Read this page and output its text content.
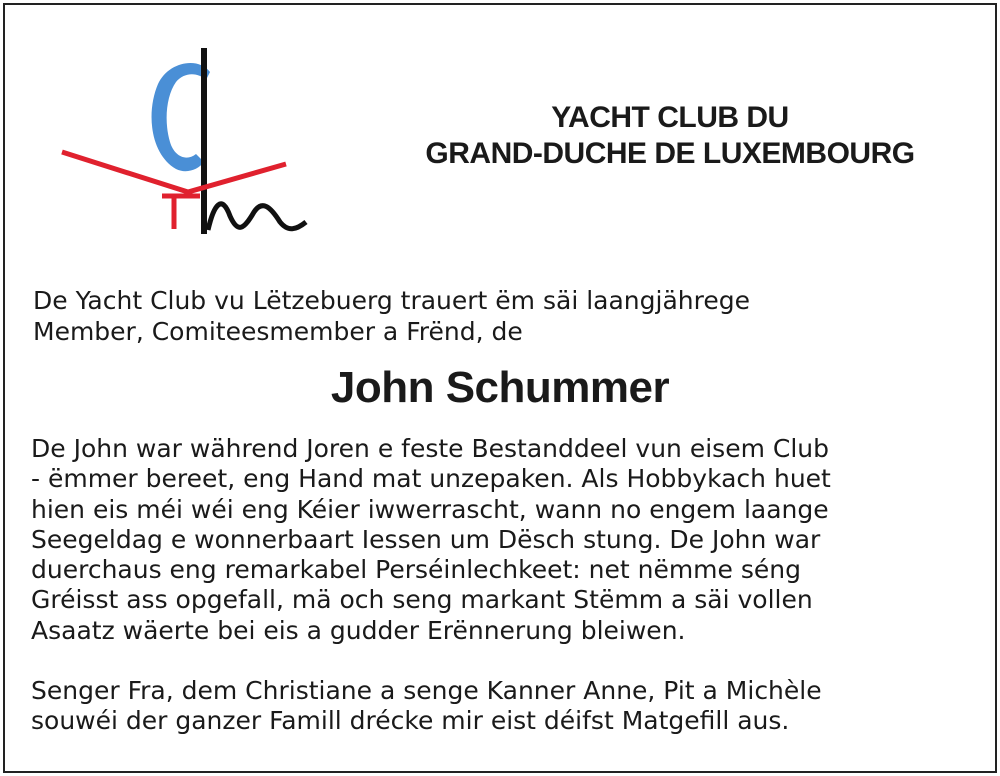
YACHT CLUB DU
GRAND-DUCHE DE LUXEMBOURG
De Yacht Club vu Lëtzebuerg trauert ëm säi laangjährege
Member, Comiteesmember a Frënd, de
John Schummer

De John war während Joren e feste Bestanddeel vun eisem Club
- ëmmer bereet, eng Hand mat unzepaken. Als Hobbykach huet
hien eis méi wéi eng Kéier iwwerrascht, wann no engem laange
Seegeldag e wonnerbaart Iessen um Dësch stung. De John war
duerchaus eng remarkabel Perséinlechkeet: net nëmme séng
Gréisst ass opgefall, mä och seng markant Stëmm a säi vollen
Asaatz wäerte bei eis a gudder Erënnerung bleiwen.

Senger Fra, dem Christiane a senge Kanner Anne, Pit a Michèle
souwéi der ganzer Famill drécke mir eist déifst Matgefill aus.
